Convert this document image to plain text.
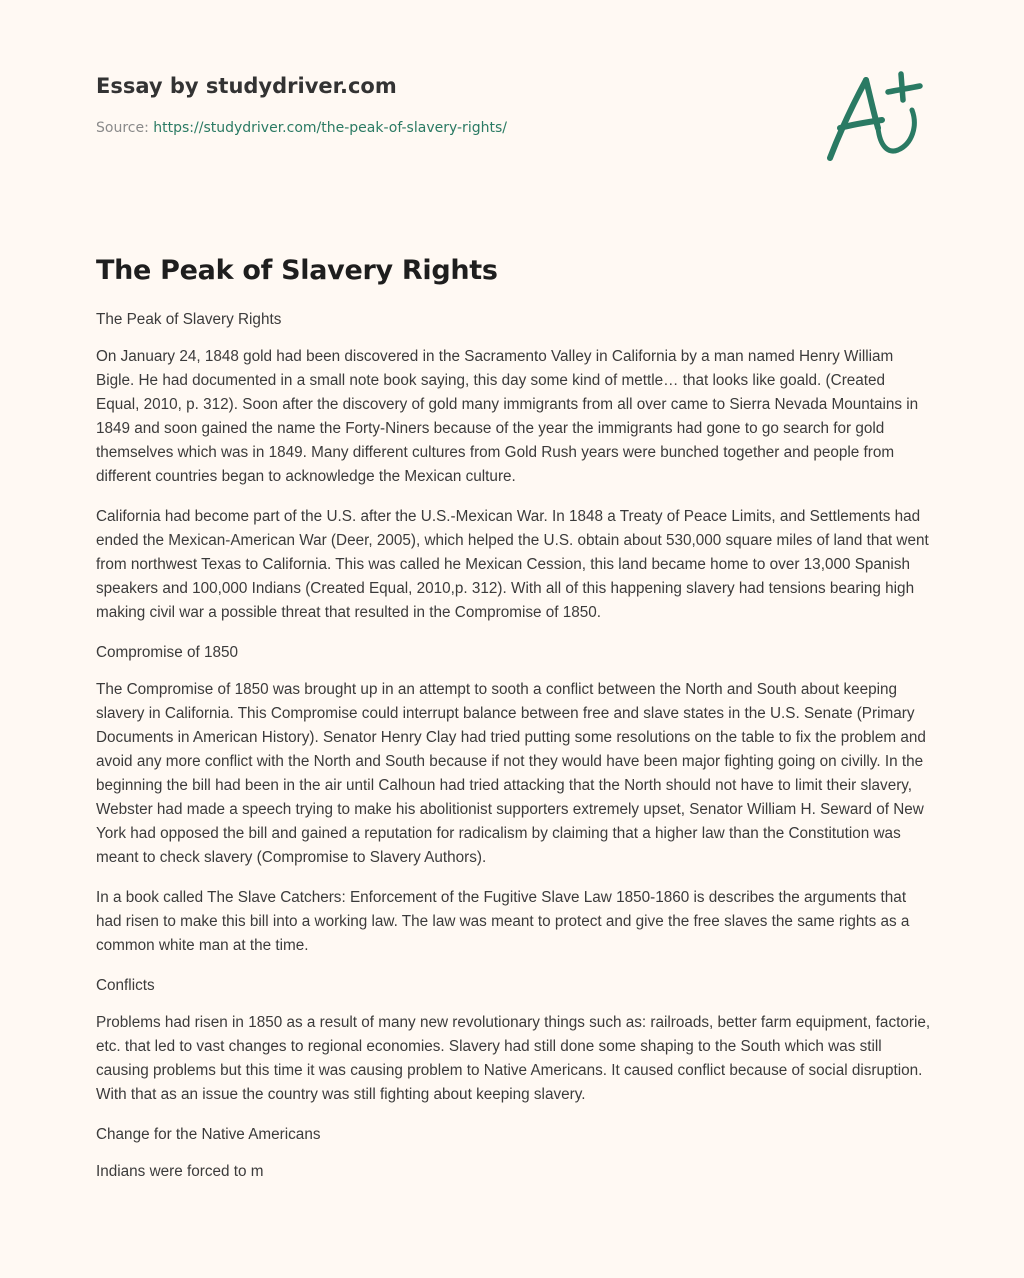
Essay by studydriver.com
Source: https://studydriver.com/the-peak-of-slavery-rights/
The Peak of Slavery Rights
The Peak of Slavery Rights

On January 24, 1848 gold had been discovered in the Sacramento Valley in California by a man named Henry William Bigle. He had documented in a small note book saying, this day some kind of mettle… that looks like goald. (Created Equal, 2010, p. 312). Soon after the discovery of gold many immigrants from all over came to Sierra Nevada Mountains in 1849 and soon gained the name the Forty-Niners because of the year the immigrants had gone to go search for gold themselves which was in 1849. Many different cultures from Gold Rush years were bunched together and people from different countries began to acknowledge the Mexican culture.

California had become part of the U.S. after the U.S.-Mexican War. In 1848 a Treaty of Peace Limits, and Settlements had ended the Mexican-American War (Deer, 2005), which helped the U.S. obtain about 530,000 square miles of land that went from northwest Texas to California. This was called he Mexican Cession, this land became home to over 13,000 Spanish speakers and 100,000 Indians (Created Equal, 2010,p. 312). With all of this happening slavery had tensions bearing high making civil war a possible threat that resulted in the Compromise of 1850.

Compromise of 1850

The Compromise of 1850 was brought up in an attempt to sooth a conflict between the North and South about keeping slavery in California. This Compromise could interrupt balance between free and slave states in the U.S. Senate (Primary Documents in American History). Senator Henry Clay had tried putting some resolutions on the table to fix the problem and avoid any more conflict with the North and South because if not they would have been major fighting going on civilly. In the beginning the bill had been in the air until Calhoun had tried attacking that the North should not have to limit their slavery, Webster had made a speech trying to make his abolitionist supporters extremely upset, Senator William H. Seward of New York had opposed the bill and gained a reputation for radicalism by claiming that a higher law than the Constitution was meant to check slavery (Compromise to Slavery Authors).

In a book called The Slave Catchers: Enforcement of the Fugitive Slave Law 1850-1860 is describes the arguments that had risen to make this bill into a working law. The law was meant to protect and give the free slaves the same rights as a common white man at the time.

Conflicts

Problems had risen in 1850 as a result of many new revolutionary things such as: railroads, better farm equipment, factorie, etc. that led to vast changes to regional economies. Slavery had still done some shaping to the South which was still causing problems but this time it was causing problem to Native Americans. It caused conflict because of social disruption. With that as an issue the country was still fighting about keeping slavery.

Change for the Native Americans

Indians were forced to m
